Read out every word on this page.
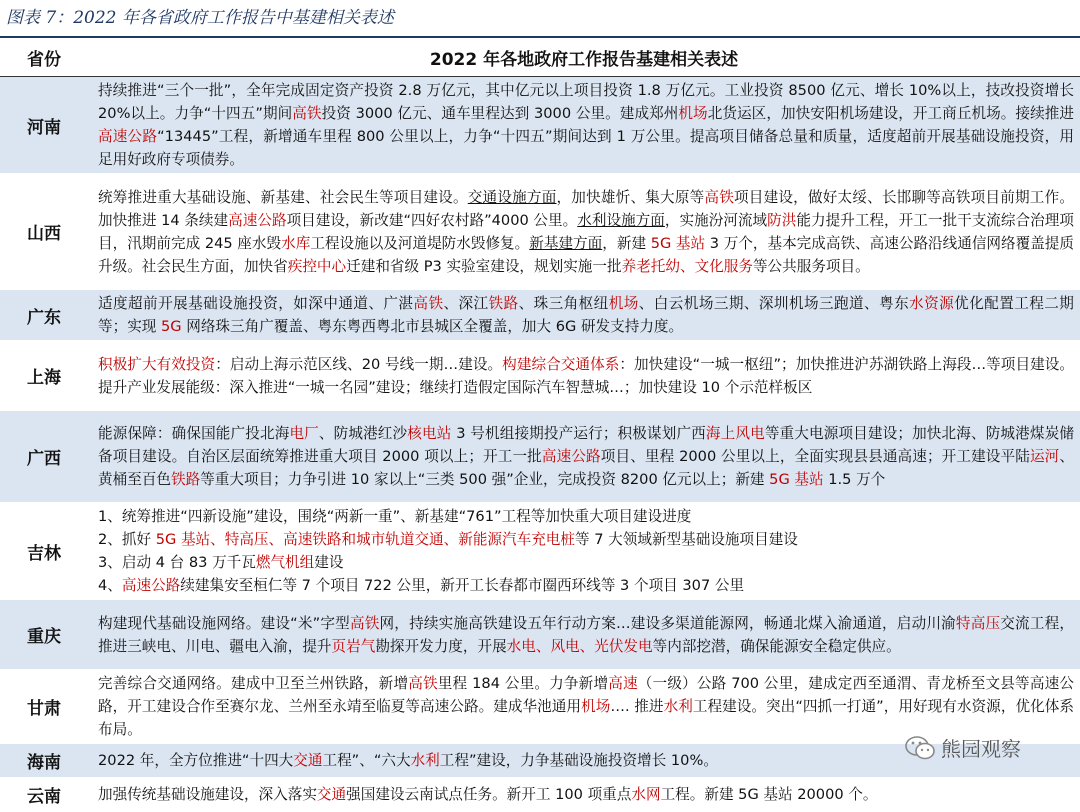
图表 7：2022 年各省政府工作报告中基建相关表述
省份	2022 年各地政府工作报告基建相关表述
河南	持续推进“三个一批”，全年完成固定资产投资 2.8 万亿元，其中亿元以上项目投资 1.8 万亿元。工业投资 8500 亿元、增长 10%以上，技改投资增长 20%以上。力争“十四五”期间高铁投资 3000 亿元、通车里程达到 3000 公里。建成郑州机场北货运区，加快安阳机场建设，开工商丘机场。接续推进高速公路“13445”工程，新增通车里程 800 公里以上，力争“十四五”期间达到 1 万公里。提高项目储备总量和质量，适度超前开展基础设施投资，用足用好政府专项债券。
山西	统筹推进重大基础设施、新基建、社会民生等项目建设。交通设施方面，加快雄忻、集大原等高铁项目建设，做好太绥、长邯聊等高铁项目前期工作。加快推进 14 条续建高速公路项目建设，新改建“四好农村路”4000 公里。水利设施方面，实施汾河流域防洪能力提升工程，开工一批干支流综合治理项目，汛期前完成 245 座水毁水库工程设施以及河道堤防水毁修复。新基建方面，新建 5G 基站 3 万个，基本完成高铁、高速公路沿线通信网络覆盖提质升级。社会民生方面，加快省疾控中心迁建和省级 P3 实验室建设，规划实施一批养老托幼、文化服务等公共服务项目。
广东	适度超前开展基础设施投资，如深中通道、广湛高铁、深江铁路、珠三角枢纽机场、白云机场三期、深圳机场三跑道、粤东水资源优化配置工程二期等；实现 5G 网络珠三角广覆盖、粤东粤西粤北市县城区全覆盖，加大 6G 研发支持力度。
上海	积极扩大有效投资：启动上海示范区线、20 号线一期…建设。构建综合交通体系：加快建设“一城一枢纽”；加快推进沪苏湖铁路上海段…等项目建设。提升产业发展能级：深入推进“一城一名园”建设；继续打造假定国际汽车智慧城…；加快建设 10 个示范样板区
广西	能源保障：确保国能广投北海电厂、防城港红沙核电站 3 号机组接期投产运行；积极谋划广西海上风电等重大电源项目建设；加快北海、防城港煤炭储备项目建设。自治区层面统筹推进重大项目 2000 项以上；开工一批高速公路项目、里程 2000 公里以上，全面实现县县通高速；开工建设平陆运河、黄桶至百色铁路等重大项目；力争引进 10 家以上“三类 500 强”企业，完成投资 8200 亿元以上；新建 5G 基站 1.5 万个
吉林	1、统筹推进“四新设施”建设，围绕“两新一重”、新基建“761”工程等加快重大项目建设进度
2、抓好 5G 基站、特高压、高速铁路和城市轨道交通、新能源汽车充电桩等 7 大领域新型基础设施项目建设
3、启动 4 台 83 万千瓦燃气机组建设
4、高速公路续建集安至桓仁等 7 个项目 722 公里，新开工长春都市圈西环线等 3 个项目 307 公里

重庆	构建现代基础设施网络。建设“米”字型高铁网，持续实施高铁建设五年行动方案…建设多渠道能源网，畅通北煤入渝通道，启动川渝特高压交流工程，推进三峡电、川电、疆电入渝，提升页岩气勘探开发力度，开展水电、风电、光伏发电等内部挖潜，确保能源安全稳定供应。
甘肃	完善综合交通网络。建成中卫至兰州铁路，新增高铁里程 184 公里。力争新增高速（一级）公路 700 公里，建成定西至通渭、青龙桥至文县等高速公路，开工建设合作至赛尔龙、兰州至永靖至临夏等高速公路。建成华池通用机场…. 推进水利工程建设。突出“四抓一打通”，用好现有水资源，优化体系布局。
海南	2022 年，全方位推进“十四大交通工程”、“六大水利工程”建设，力争基础设施投资增长 10%。
云南	加强传统基础设施建设，深入落实交通强国建设云南试点任务。新开工 100 项重点水网工程。新建 5G 基站 20000 个。
熊园观察
